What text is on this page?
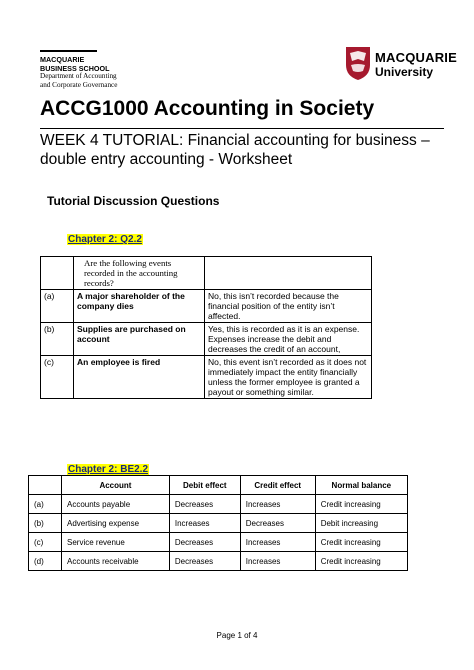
MACQUARIE
BUSINESS SCHOOL
Department of Accounting
and Corporate Governance
MACQUARIE
University
ACCG1000 Accounting in Society
WEEK 4 TUTORIAL: Financial accounting for business – double entry accounting - Worksheet
Tutorial Discussion Questions
Chapter 2: Q2.2
	Are the following events recorded in the accounting records?	
(a)	A major shareholder of the company dies	No, this isn’t recorded because the financial position of the entity isn’t affected.
(b)	Supplies are purchased on account	Yes, this is recorded as it is an expense. Expenses increase the debit and decreases the credit of an account,
(c)	An employee is fired	No, this event isn’t recorded as it does not immediately impact the entity financially unless the former employee is granted a payout or something similar.
Chapter 2: BE2.2
	Account	Debit effect	Credit effect	Normal balance
(a)	Accounts payable	Decreases	Increases	Credit increasing
(b)	Advertising expense	Increases	Decreases	Debit increasing
(c)	Service revenue	Decreases	Increases	Credit increasing
(d)	Accounts receivable	Decreases	Increases	Credit increasing
Page 1 of 4
